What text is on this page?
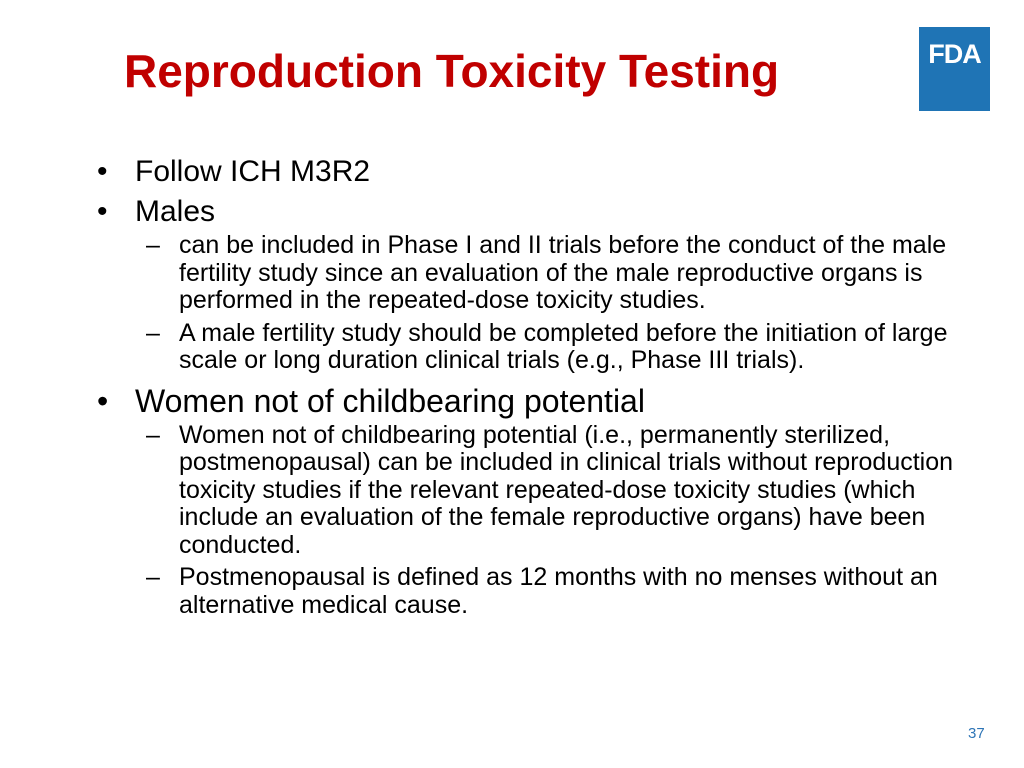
Reproduction Toxicity Testing	FDA
• Follow ICH M3R2
• Males
– can be included in Phase I and II trials before the conduct of the male fertility study since an evaluation of the male reproductive organs is performed in the repeated-dose toxicity studies.
– A male fertility study should be completed before the initiation of large scale or long duration clinical trials (e.g., Phase III trials).
• Women not of childbearing potential
– Women not of childbearing potential (i.e., permanently sterilized, postmenopausal) can be included in clinical trials without reproduction toxicity studies if the relevant repeated-dose toxicity studies (which include an evaluation of the female reproductive organs) have been conducted.
– Postmenopausal is defined as 12 months with no menses without an alternative medical cause.
37
